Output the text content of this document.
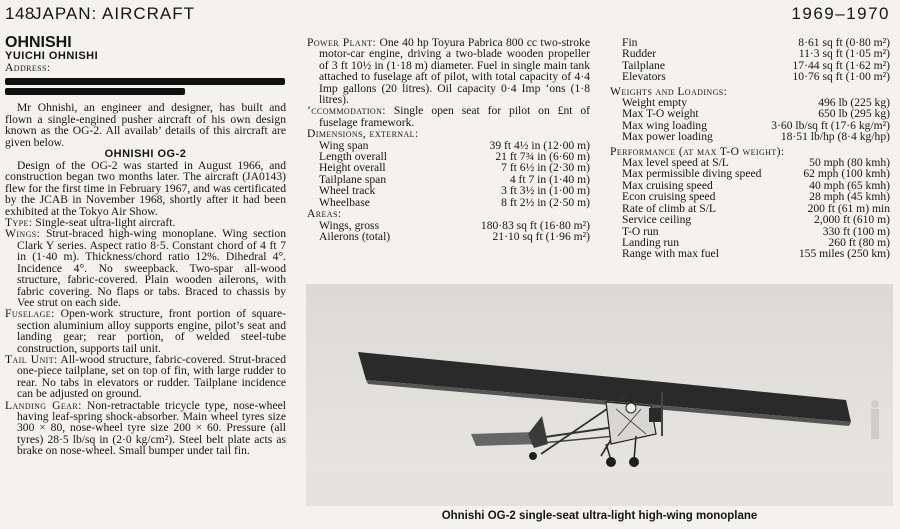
148
JAPAN: AIRCRAFT	1969–1970
OHNISHI
YUICHI OHNISHI
Address:

Mr Ohnishi, an engineer and designer, has built and flown a single-engined pusher aircraft of his own design known as the OG-2. All availab’ details of this aircraft are given below.

OHNISHI OG-2

Design of the OG-2 was started in August 1966, and construction began two months later. The aircraft (JA0143) flew for the first time in February 1967, and was certificated by the JCAB in November 1968, shortly after it had been exhibited at the Tokyo Air Show.

Type: Single-seat ultra-light aircraft.

Wings: Strut-braced high-wing monoplane. Wing section Clark Y series. Aspect ratio 8·5. Constant chord of 4 ft 7 in (1·40 m). Thickness/chord ratio 12%. Dihedral 4°. Incidence 4°. No sweepback. Two-spar all-wood structure, fabric-covered. Plain wooden ailerons, with fabric covering. No flaps or tabs. Braced to chassis by Vee strut on each side.

Fuselage: Open-work structure, front portion of square-section aluminium alloy supports engine, pilot’s seat and landing gear; rear portion, of welded steel-tube construction, supports tail unit.

Tail Unit: All-wood structure, fabric-covered. Strut-braced one-piece tailplane, set on top of fin, with large rudder to rear. No tabs in elevators or rudder. Tailplane incidence can be adjusted on ground.

Landing Gear: Non-retractable tricycle type, nose-wheel having leaf-spring shock-absorber. Main wheel tyres size 300 × 80, nose-wheel tyre size 200 × 60. Pressure (all tyres) 28·5 lb/sq in (2·0 kg/cm²). Steel belt plate acts as brake on nose-wheel. Small bumper under tail fin.

Power Plant: One 40 hp Toyura Pabrica 800 cc two-stroke motor-car engine, driving a two-blade wooden propeller of 3 ft 10½ in (1·18 m) diameter. Fuel in single main tank attached to fuselage aft of pilot, with total capacity of 4·4 Imp gallons (20 litres). Oil capacity 0·4 Imp ‘ons (1·8 litres).

’ccommodation: Single open seat for pilot on £nt of fuselage framework.

Dimensions, external:
Wing span	39 ft 4½ in (12·00 m)
Length overall	21 ft 7¾ in (6·60 m)
Height overall	7 ft 6½ in (2·30 m)
Tailplane span	4 ft 7 in (1·40 m)
Wheel track	3 ft 3½ in (1·00 m)
Wheelbase	8 ft 2½ in (2·50 m)
Areas:
Wings, gross	180·83 sq ft (16·80 m²)
Ailerons (total)	21·10 sq ft (1·96 m²)
Fin	8·61 sq ft (0·80 m²)
Rudder	11·3 sq ft (1·05 m²)
Tailplane	17·44 sq ft (1·62 m²)
Elevators	10·76 sq ft (1·00 m²)
Weights and Loadings:
Weight empty	496 lb (225 kg)
Max T-O weight	650 lb (295 kg)
Max wing loading	3·60 lb/sq ft (17·6 kg/m²)
Max power loading	18·51 lb/hp (8·4 kg/hp)
Performance (at max T-O weight):
Max level speed at S/L	50 mph (80 kmh)
Max permissible diving speed	62 mph (100 kmh)
Max cruising speed	40 mph (65 kmh)
Econ cruising speed	28 mph (45 kmh)
Rate of climb at S/L	200 ft (61 m) min
Service ceiling	2,000 ft (610 m)
T-O run	330 ft (100 m)
Landing run	260 ft (80 m)
Range with max fuel	155 miles (250 km)
Ohnishi OG-2 single-seat ultra-light high-wing monoplane
